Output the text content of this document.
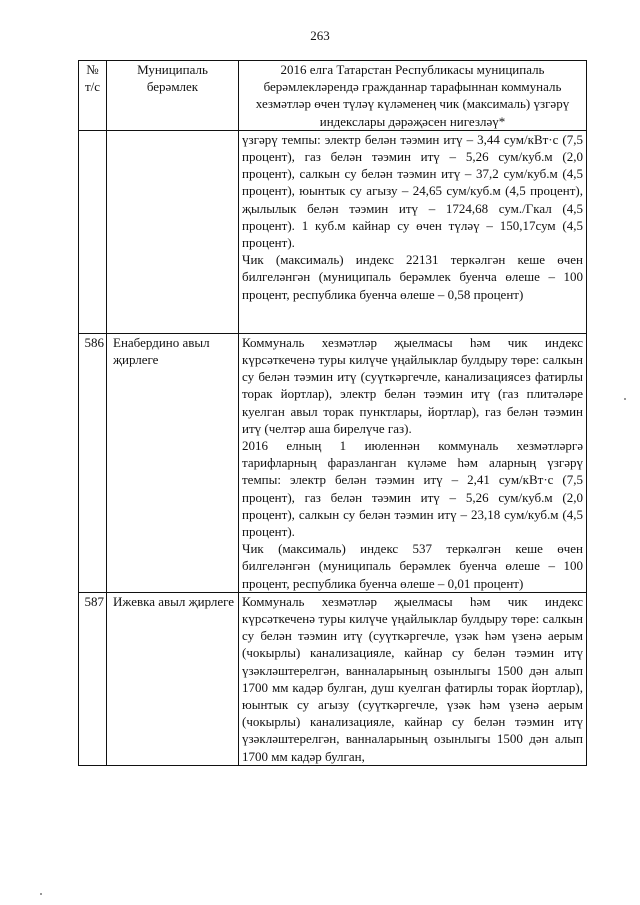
263
№ т/с	Муниципаль берәмлек	2016 елга Татарстан Республикасы муниципаль берәмлекләрендә гражданнар тарафыннан коммуналь хезмәтләр өчен түләү күләменең чик (максималь) үзгәрү индекслары дәрәҗәсен нигезләү*

		үзгәрү темпы: электр белән тәэмин итү – 3,44 сум/кВт·с (7,5 процент), газ белән тәэмин итү – 5,26 сум/куб.м (2,0 процент), салкын су белән тәэмин итү – 37,2 сум/куб.м (4,5 процент), юынтык су агызу – 24,65 сум/куб.м (4,5 процент), җылылык белән тәэмин итү – 1724,68 сум./Гкал (4,5 процент). 1 куб.м кайнар су өчен түләү – 150,17сум (4,5 процент).

Чик (максималь) индекс 22131 теркәлгән кеше өчен билгеләнгән (муниципаль берәмлек буенча өлеше – 100 процент, республика буенча өлеше – 0,58 процент)

586	Енабердино авыл җирлеге	Коммуналь хезмәтләр җыелмасы һәм чик индекс күрсәткеченә туры килүче үңайлыклар булдыру төре: салкын су белән тәэмин итү (суүткәргечле, канализациясез фатирлы торак йортлар), электр белән тәэмин итү (газ плитәләре куелган авыл торак пунктлары, йортлар), газ белән тәэмин итү (челтәр аша бирелүче газ).

2016 елның 1 июленнән коммуналь хезмәтләргә тарифларның фаразланган күләме һәм аларның үзгәрү темпы: электр белән тәэмин итү – 2,41 сум/кВт·с (7,5 процент), газ белән тәэмин итү – 5,26 сум/куб.м (2,0 процент), салкын су белән тәэмин итү – 23,18 сум/куб.м (4,5 процент).

Чик (максималь) индекс 537 теркәлгән кеше өчен билгеләнгән (муниципаль берәмлек буенча өлеше – 100 процент, республика буенча өлеше – 0,01 процент)

587	Ижевка авыл җирлеге	Коммуналь хезмәтләр җыелмасы һәм чик индекс күрсәткеченә туры килүче үңайлыклар булдыру төре: салкын су белән тәэмин итү (суүткәргечле, үзәк һәм үзенә аерым (чокырлы) канализацияле, кайнар су белән тәэмин итү үзәкләштерелгән, ванналарының озынлыгы 1500 дән алып 1700 мм кадәр булган, душ куелган фатирлы торак йортлар), юынтык су агызу (суүткәргечле, үзәк һәм үзенә аерым (чокырлы) канализацияле, кайнар су белән тәэмин итү үзәкләштерелгән, ванналарының озынлыгы 1500 дән алып 1700 мм кадәр булган,
